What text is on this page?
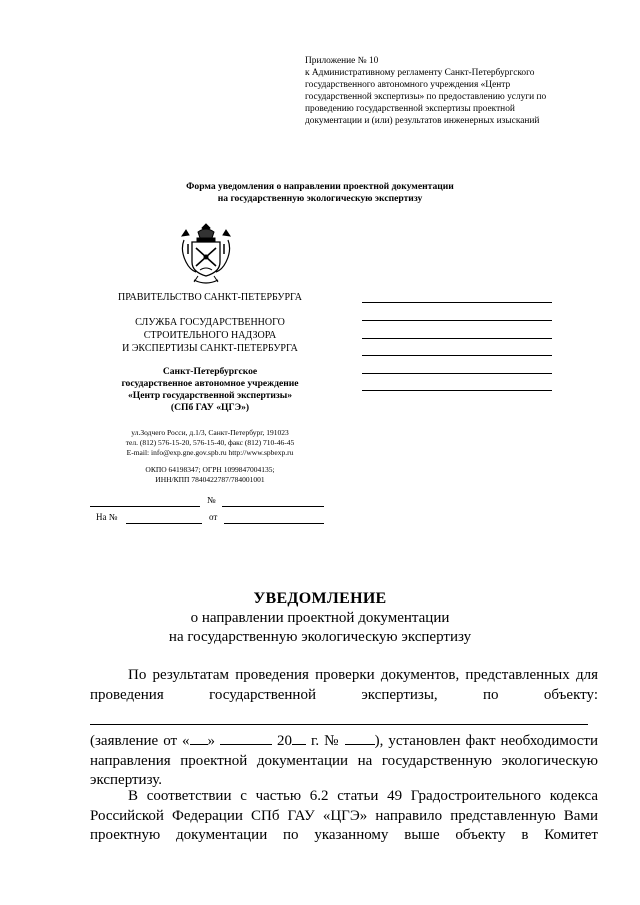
Приложение № 10
к Административному регламенту Санкт-Петербургского
государственного автономного учреждения «Центр
государственной экспертизы» по предоставлению услуги по
проведению государственной экспертизы проектной
документации и (или) результатов инженерных изысканий
Форма уведомления о направлении проектной документации
на государственную экологическую экспертизу
ПРАВИТЕЛЬСТВО САНКТ-ПЕТЕРБУРГА
СЛУЖБА ГОСУДАРСТВЕННОГО
СТРОИТЕЛЬНОГО НАДЗОРА
И ЭКСПЕРТИЗЫ САНКТ-ПЕТЕРБУРГА
Санкт-Петербургское
государственное автономное учреждение
«Центр государственной экспертизы»
(СПб ГАУ «ЦГЭ»)
ул.Зодчего Росси, д.1/3, Санкт-Петербург, 191023
тел. (812) 576-15-20, 576-15-40, факс (812) 710-46-45
E-mail: info@exp.gne.gov.spb.ru http://www.spbexp.ru
ОКПО 64198347; ОГРН 1099847004135;
ИНН/КПП 7840422787/784001001
№
На №	от
УВЕДОМЛЕНИЕ
о направлении проектной документации
на государственную экологическую экспертизу
По результатам проведения проверки документов, представленных для проведения государственной экспертизы, по объекту:
(заявление от « »	20 г. № ), установлен факт необходимости направления проектной документации на государственную экологическую экспертизу.
В соответствии с частью 6.2 статьи 49 Градостроительного кодекса Российской Федерации СПб ГАУ «ЦГЭ» направило представленную Вами проектную документации по указанному выше объекту в Комитет
